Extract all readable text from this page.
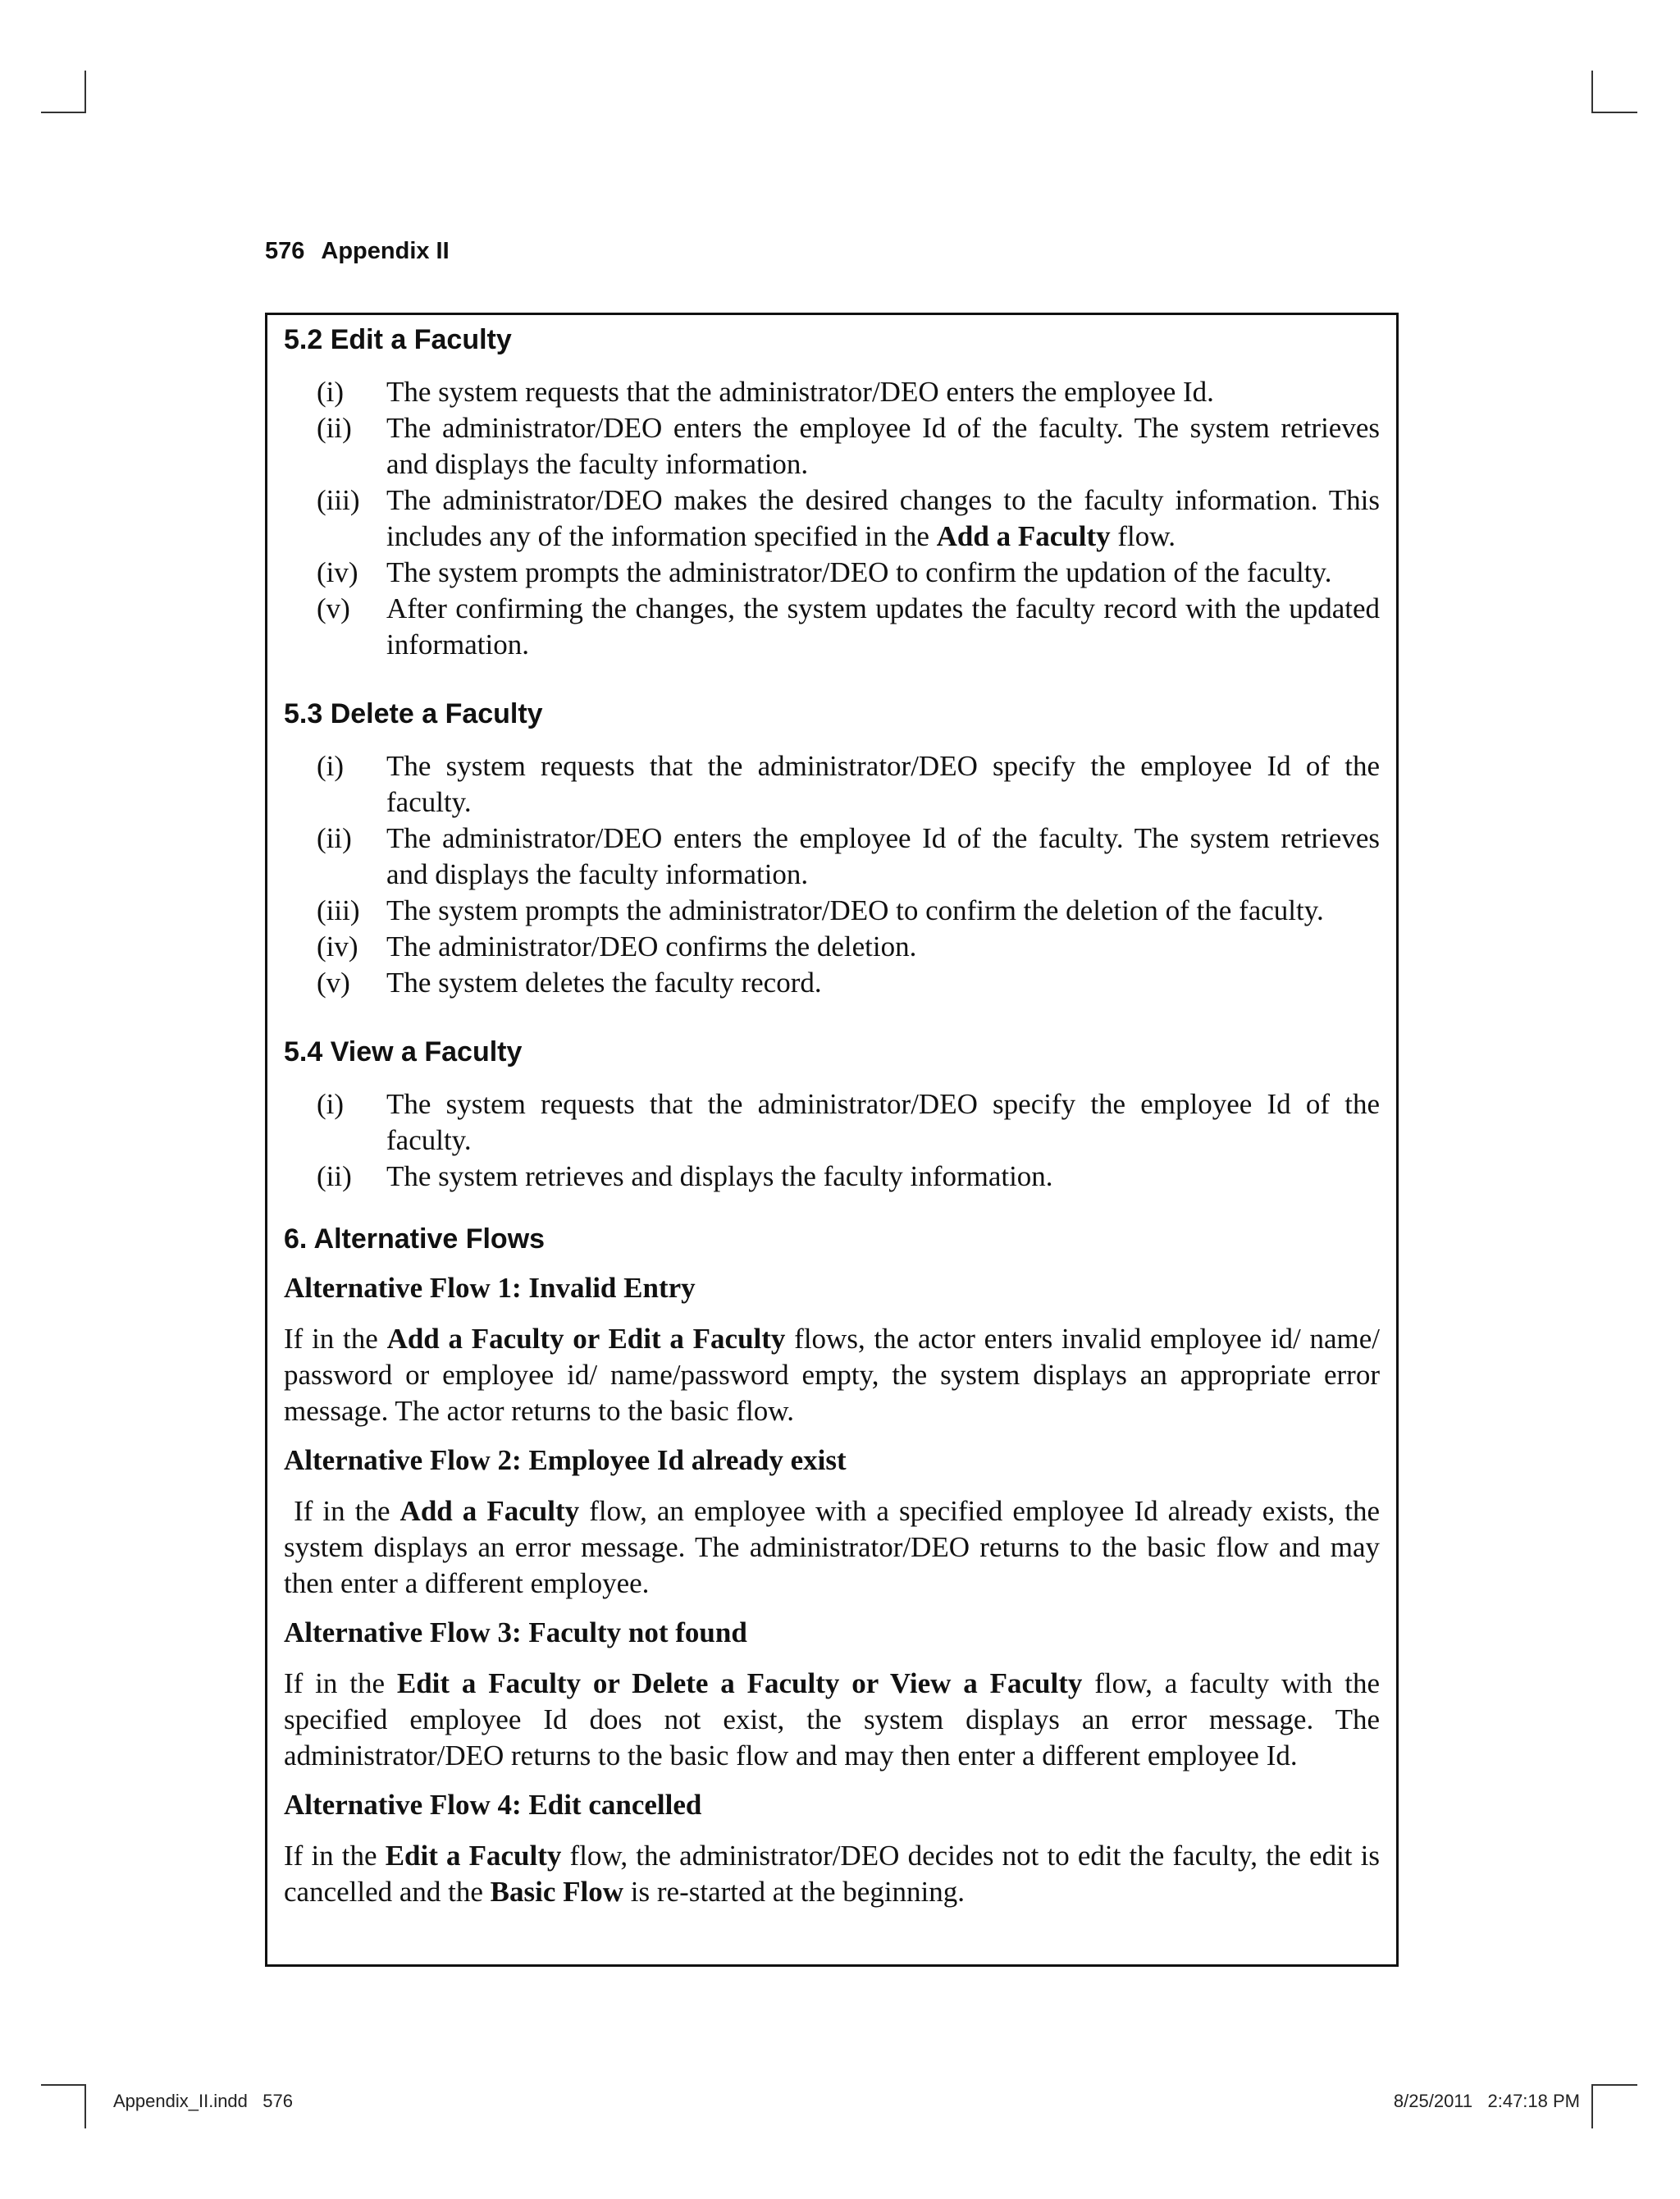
576 Appendix II
5.2 Edit a Faculty
(i)	The system requests that the administrator/DEO enters the employee Id.
(ii)	The administrator/DEO enters the employee Id of the faculty. The system retrieves and displays the faculty information.
(iii) The administrator/DEO makes the desired changes to the faculty information. This includes any of the information specified in the Add a Faculty flow.
(iv) The system prompts the administrator/DEO to confirm the updation of the faculty.
(v)	After confirming the changes, the system updates the faculty record with the updated information.
5.3 Delete a Faculty
(i)	The system requests that the administrator/DEO specify the employee Id of the faculty.
(ii)	The administrator/DEO enters the employee Id of the faculty. The system retrieves and displays the faculty information.
(iii) The system prompts the administrator/DEO to confirm the deletion of the faculty.
(iv) The administrator/DEO confirms the deletion.
(v)	The system deletes the faculty record.
5.4 View a Faculty
(i)	The system requests that the administrator/DEO specify the employee Id of the faculty.
(ii)	The system retrieves and displays the faculty information.
6. Alternative Flows

Alternative Flow 1: Invalid Entry

If in the Add a Faculty or Edit a Faculty flows, the actor enters invalid employee id/ name/ password or employee id/ name/password empty, the system displays an appropriate error message. The actor returns to the basic flow.

Alternative Flow 2: Employee Id already exist

If in the Add a Faculty flow, an employee with a specified employee Id already exists, the system displays an error message. The administrator/DEO returns to the basic flow and may then enter a different employee.

Alternative Flow 3: Faculty not found

If in the Edit a Faculty or Delete a Faculty or View a Faculty flow, a faculty with the specified employee Id does not exist, the system displays an error message. The administrator/DEO returns to the basic flow and may then enter a different employee Id.

Alternative Flow 4: Edit cancelled

If in the Edit a Faculty flow, the administrator/DEO decides not to edit the faculty, the edit is cancelled and the Basic Flow is re-started at the beginning.

Appendix_II.indd   576	8/25/2011   2:47:18 PM
